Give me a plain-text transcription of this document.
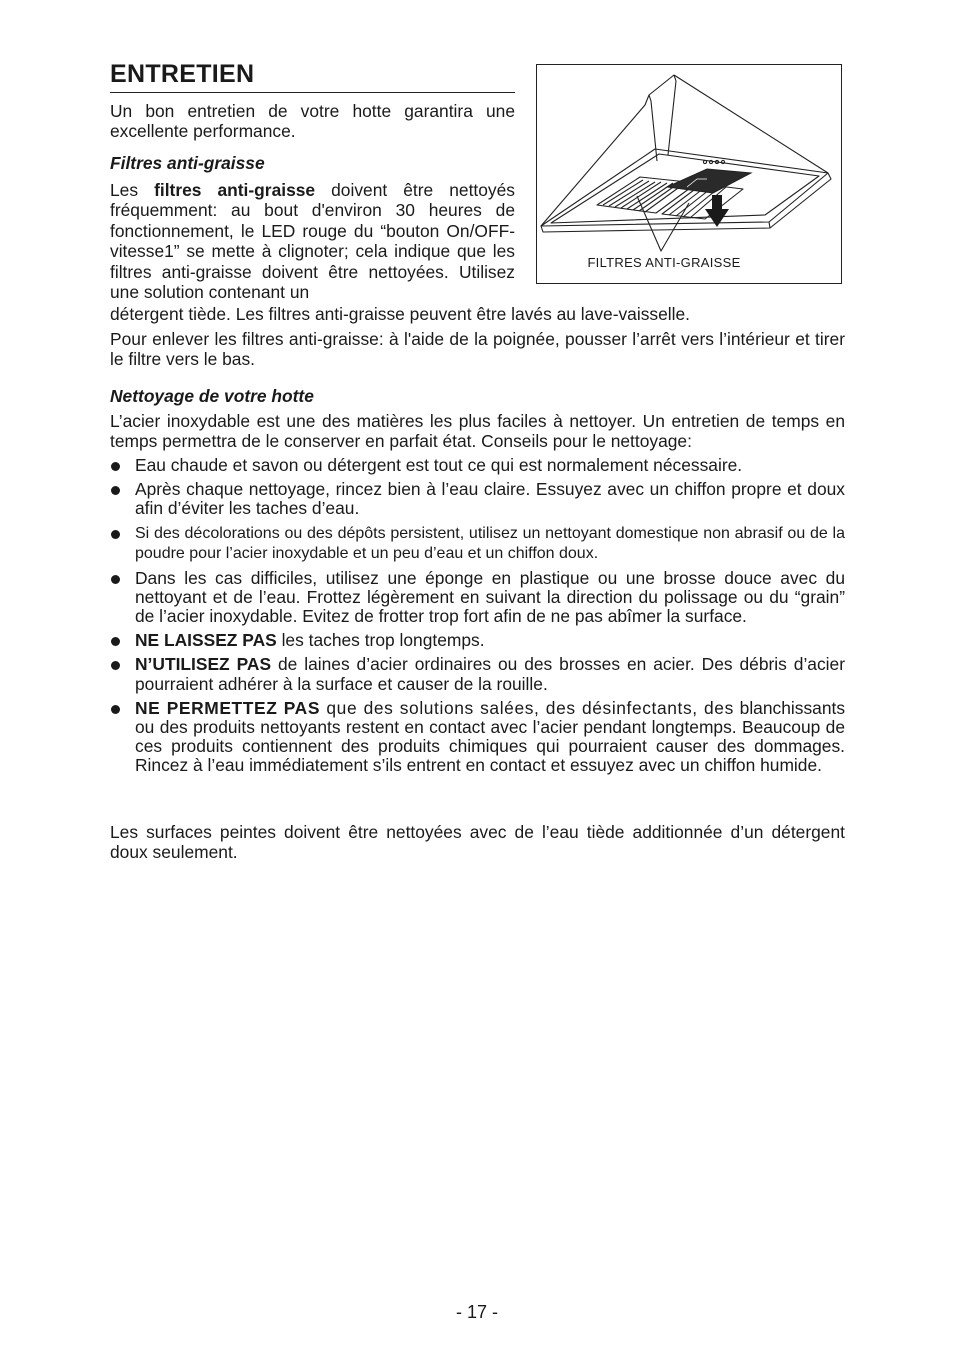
ENTRETIEN

Un bon entretien de votre hotte garantira une excellente performance.

Filtres anti-graisse

Les filtres anti-graisse doivent être nettoyés fréquemment: au bout d'environ 30 heures de fonctionnement, le LED rouge du “bouton On/OFF-vitesse1” se mette à clignoter; cela indique que les filtres anti-graisse doivent être nettoyées. Utilisez une solution contenant un

détergent tiède. Les filtres anti-graisse peuvent être lavés au lave-vaisselle.

Pour enlever les filtres anti-graisse: à l'aide de la poignée, pousser l’arrêt vers l’intérieur et tirer le filtre vers le bas.

FILTRES ANTI-GRAISSE

Nettoyage de votre hotte

L’acier inoxydable est une des matières les plus faciles à nettoyer. Un entretien de temps en temps permettra de le conserver en parfait état. Conseils pour le nettoyage:

Eau chaude et savon ou détergent est tout ce qui est normalement nécessaire.
Après chaque nettoyage, rincez bien à l’eau claire. Essuyez avec un chiffon propre et doux afin d’éviter les taches d’eau.
Si des décolorations ou des dépôts persistent, utilisez un nettoyant domestique non abrasif ou de la poudre pour l’acier inoxydable et un peu d’eau et un chiffon doux.
Dans les cas difficiles, utilisez une éponge en plastique ou une brosse douce avec du nettoyant et de l’eau. Frottez légèrement en suivant la direction du polissage ou du “grain” de l’acier inoxydable. Evitez de frotter trop fort afin de ne pas abîmer la surface.
NE LAISSEZ PAS les taches trop longtemps.
N’UTILISEZ PAS de laines d’acier ordinaires ou des brosses en acier. Des débris d’acier pourraient adhérer à la surface et causer de la rouille.
NE PERMETTEZ PAS que des solutions salées, des désinfectants, des blanchissants ou des produits nettoyants restent en contact avec l’acier pendant longtemps. Beaucoup de ces produits contiennent des produits chimiques qui pourraient causer des dommages. Rincez à l’eau immédiatement s’ils entrent en contact et essuyez avec un chiffon humide.

Les surfaces peintes doivent être nettoyées avec de l’eau tiède additionnée d’un détergent doux seulement.

- 17 -
